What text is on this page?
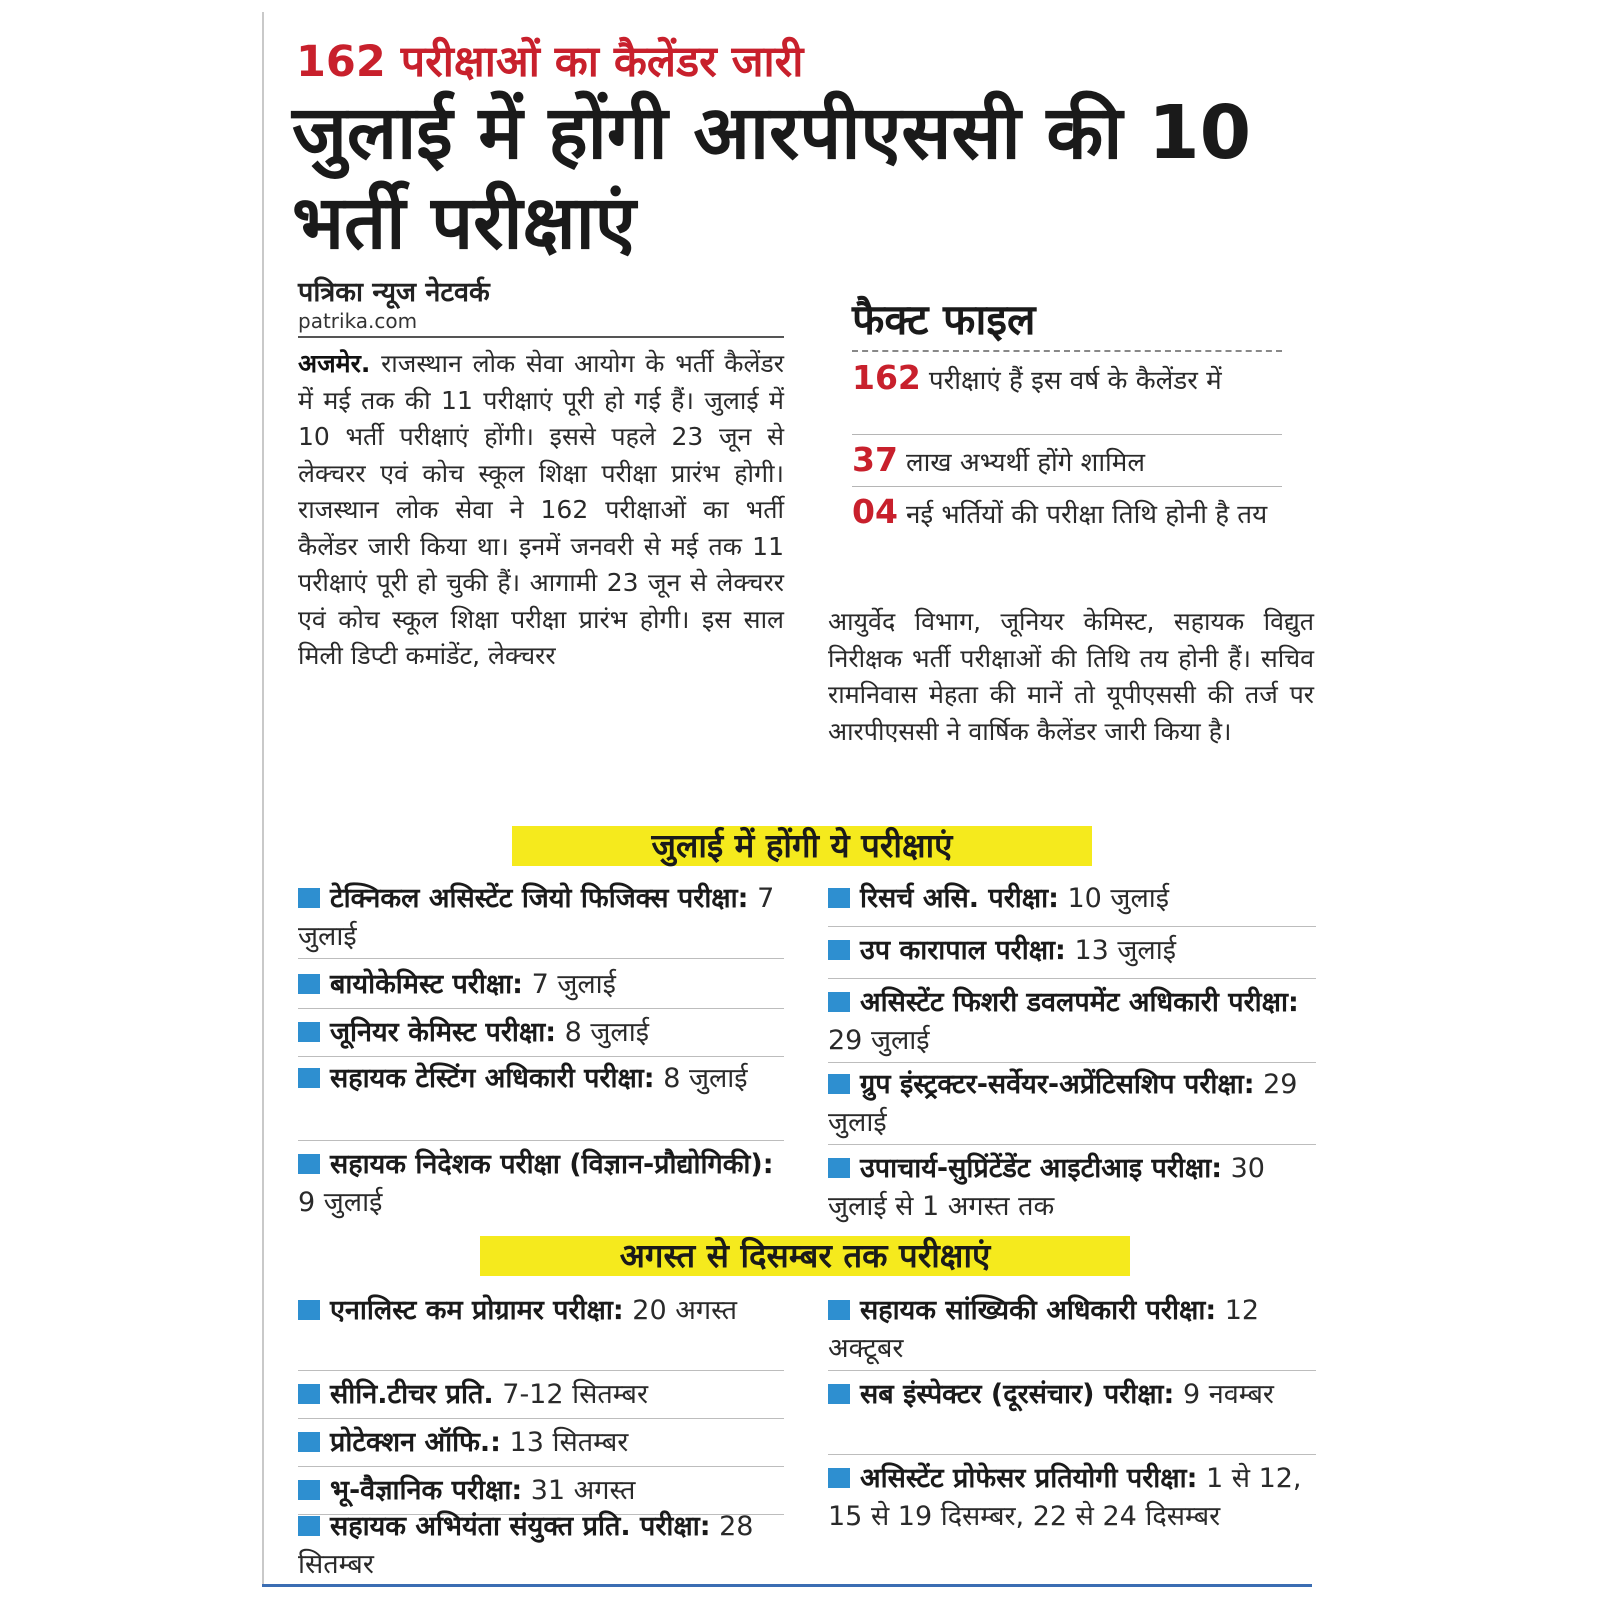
162 परीक्षाओं का कैलेंडर जारी
जुलाई में होंगी आरपीएससी की 10 भर्ती परीक्षाएं
पत्रिका न्यूज नेटवर्क
patrika.com
अजमेर. राजस्थान लोक सेवा आयोग के भर्ती कैलेंडर में मई तक की 11 परीक्षाएं पूरी हो गई हैं। जुलाई में 10 भर्ती परीक्षाएं होंगी। इससे पहले 23 जून से लेक्चरर एवं कोच स्कूल शिक्षा परीक्षा प्रारंभ होगी। राजस्थान लोक सेवा ने 162 परीक्षाओं का भर्ती कैलेंडर जारी किया था। इनमें जनवरी से मई तक 11 परीक्षाएं पूरी हो चुकी हैं। आगामी 23 जून से लेक्चरर एवं कोच स्कूल शिक्षा परीक्षा प्रारंभ होगी। इस साल मिली डिप्टी कमांडेंट, लेक्चरर
आयुर्वेद विभाग, जूनियर केमिस्ट, सहायक विद्युत निरीक्षक भर्ती परीक्षाओं की तिथि तय होनी हैं। सचिव रामनिवास मेहता की मानें तो यूपीएससी की तर्ज पर आरपीएससी ने वार्षिक कैलेंडर जारी किया है।
फैक्ट फाइल
162 परीक्षाएं हैं इस वर्ष के कैलेंडर में
37 लाख अभ्यर्थी होंगे शामिल
04 नई भर्तियों की परीक्षा तिथि होनी है तय
जुलाई में होंगी ये परीक्षाएं
टेक्निकल असिस्टेंट जियो फिजिक्स परीक्षा: 7 जुलाई
बायोकेमिस्ट परीक्षा: 7 जुलाई
जूनियर केमिस्ट परीक्षा: 8 जुलाई
सहायक टेस्टिंग अधिकारी परीक्षा: 8 जुलाई
सहायक निदेशक परीक्षा (विज्ञान-प्रौद्योगिकी): 9 जुलाई
रिसर्च असि. परीक्षा: 10 जुलाई
उप कारापाल परीक्षा: 13 जुलाई
असिस्टेंट फिशरी डवलपमेंट अधिकारी परीक्षा: 29 जुलाई
ग्रुप इंस्ट्रक्टर-सर्वेयर-अप्रेंटिसशिप परीक्षा: 29 जुलाई
उपाचार्य-सुप्रिंटेंडेंट आइटीआइ परीक्षा: 30 जुलाई से 1 अगस्त तक
अगस्त से दिसम्बर तक परीक्षाएं
एनालिस्ट कम प्रोग्रामर परीक्षा: 20 अगस्त
सीनि.टीचर प्रति. 7-12 सितम्बर
प्रोटेक्शन ऑफि.: 13 सितम्बर
भू-वैज्ञानिक परीक्षा: 31 अगस्त
सहायक अभियंता संयुक्त प्रति. परीक्षा: 28 सितम्बर
सहायक सांख्यिकी अधिकारी परीक्षा: 12 अक्टूबर
सब इंस्पेक्टर (दूरसंचार) परीक्षा: 9 नवम्बर
असिस्टेंट प्रोफेसर प्रतियोगी परीक्षा: 1 से 12, 15 से 19 दिसम्बर, 22 से 24 दिसम्बर
